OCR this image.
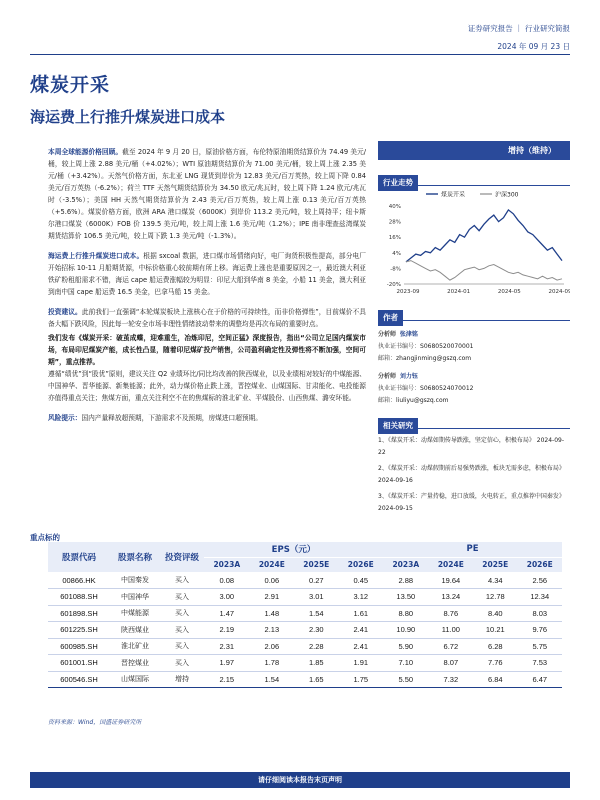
证券研究报告 ｜ 行业研究简报
2024 年 09 月 23 日
煤炭开采
海运费上行推升煤炭进口成本

本周全球能源价格回顾。截至 2024 年 9 月 20 日，原油价格方面，布伦特原油期货结算价为 74.49 美元/桶，较上周上涨 2.88 美元/桶（+4.02%）；WTI 原油期货结算价为 71.00 美元/桶，较上周上涨 2.35 美元/桶（+3.42%）。天然气价格方面，东北亚 LNG 现货到岸价为 12.83 美元/百万英热，较上周下降 0.84 美元/百万英热（-6.2%）；荷兰 TTF 天然气期货结算价为 34.50 欧元/兆瓦时，较上周下降 1.24 欧元/兆瓦时（-3.5%）；美国 HH 天然气期货结算价为 2.43 美元/百万英热，较上周上涨 0.13 美元/百万英热（+5.6%）。煤炭价格方面，欧洲 ARA 港口煤炭（6000K）到岸价 113.2 美元/吨，较上周持平；纽卡斯尔港口煤炭（6000K）FOB 价 139.5 美元/吨，较上周上涨 1.6 美元/吨（1.2%）；IPE 南非理查兹湾煤炭期货结算价 106.5 美元/吨，较上周下跌 1.3 美元/吨（-1.3%）。

海运费上行推升煤炭进口成本。根据 sxcoal 数据，进口煤市场情绪向好，电厂询货积极性提高，部分电厂开始招标 10-11 月船期货源，中标价格重心较前期有所上移。海运费上涨也是重要原因之一，最近澳大利亚铁矿粉租船需求不错，海运 cape 船运费涨幅较为明显：印尼大船到华南 8 美金，小船 11 美金，澳大利亚到南中国 cape 船运费 16.5 美金，巴拿马船 15 美金。

投资建议。此前我们一直强调“本轮煤炭板块上涨核心在于价格的可持续性，而非价格弹性”，目前煤价不具备大幅下跌风险，因此每一轮安全市场非理性情绪波动带来的调整均是再次布局的重要时点。

我们发布《煤炭开采：破茧成蝶，迎难重生，冶炼印尼，空间正猛》深度报告，指出“公司立足国内煤炭市场，布局印尼煤炭产能，成长性凸显，随着印尼煤矿投产销售，公司盈利确定性及弹性将不断加强，空间可期”，重点推荐。

遵循“绩优”到“股优”原则，建议关注 Q2 业绩环比/同比均改善的陕西煤业，以及业绩相对较好的中煤能源、中国神华、晋华能源、新集能源；此外，动力煤价格止跌上涨，晋控煤业、山煤国际、甘肃能化、电投能源亦值得重点关注；焦煤方面，重点关注利空不在的焦煤标的淮北矿业、平煤股份、山西焦煤、潞安环能。

风险提示：国内产量释放超预期，下游需求不及预期，房煤进口超预期。

增持（维持）
行业走势
煤炭开采	沪深300
40%
28%
16%
4%
-8%
-20%
2023-09	2024-01	2024-05	2024-09
作者
分析师 张津铭
执业证书编号：S0680520070001
邮箱：zhangjinming@gszq.com
分析师 刘力钰
执业证书编号：S0680524070012
邮箱：liuliyu@gszq.com
相关研究
1、《煤炭开采：动煤如期传导跌涨，坚定信心，积极布局》 2024-09-22
2、《煤炭开采：动煤假期前后易强势跌涨，板块无需多虑，积极布局》 2024-09-16
3、《煤炭开采：产量持稳，进口放缓，火电转正，重点推荐中国秦发》 2024-09-15
重点标的
股票代码	股票名称	投资评级	EPS（元）				PE			
			2023A	2024E	2025E	2026E	2023A	2024E	2025E	2026E
00866.HK	中国秦发	买入	0.08	0.06	0.27	0.45	2.88	19.64	4.34	2.56
601088.SH	中国神华	买入	3.00	2.91	3.01	3.12	13.50	13.24	12.78	12.34
601898.SH	中煤能源	买入	1.47	1.48	1.54	1.61	8.80	8.76	8.40	8.03
601225.SH	陕西煤业	买入	2.19	2.13	2.30	2.41	10.90	11.00	10.21	9.76
600985.SH	淮北矿业	买入	2.31	2.06	2.28	2.41	5.90	6.72	6.28	5.75
601001.SH	晋控煤业	买入	1.97	1.78	1.85	1.91	7.10	8.07	7.76	7.53
600546.SH	山煤国际	增持	2.15	1.54	1.65	1.75	5.50	7.32	6.84	6.47
资料来源：Wind，国盛证券研究所
请仔细阅读本报告末页声明
